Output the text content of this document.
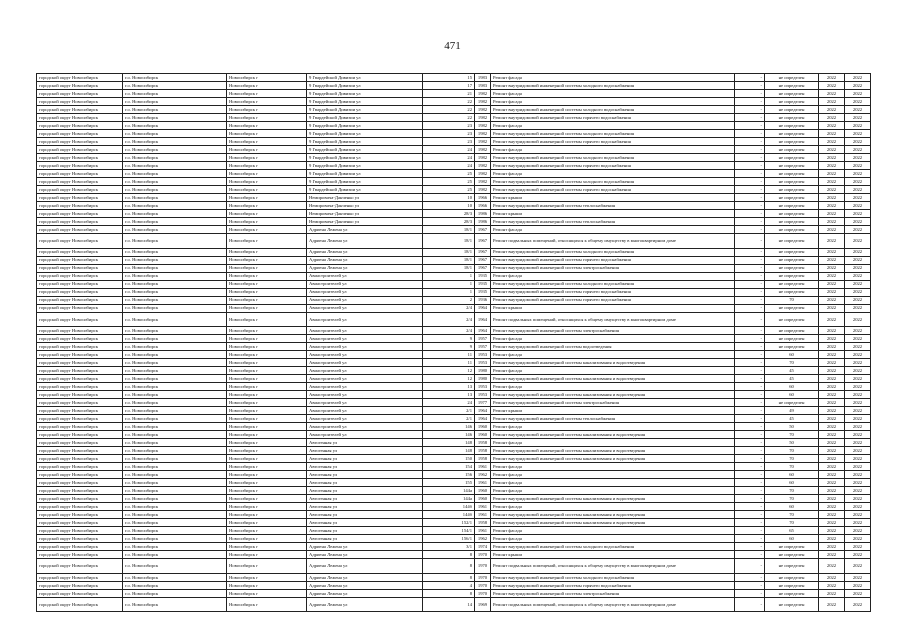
471
городской округ Новосибирск	г.о. Новосибирск	Новосибирск г	9 Гвардейской Дивизии ул	15	1983	Ремонт фасада	-	не определен	2022	2022
городской округ Новосибирск	г.о. Новосибирск	Новосибирск г	9 Гвардейской Дивизии ул	17	1983	Ремонт внутридомовой инженерной системы холодного водоснабжения	-	не определен	2022	2022
городской округ Новосибирск	г.о. Новосибирск	Новосибирск г	9 Гвардейской Дивизии ул	21	1982	Ремонт фасада	-	не определен	2022	2022
городской округ Новосибирск	г.о. Новосибирск	Новосибирск г	9 Гвардейской Дивизии ул	22	1982	Ремонт фасада	-	не определен	2022	2022
городской округ Новосибирск	г.о. Новосибирск	Новосибирск г	9 Гвардейской Дивизии ул	22	1982	Ремонт внутридомовой инженерной системы холодного водоснабжения	-	не определен	2022	2022
городской округ Новосибирск	г.о. Новосибирск	Новосибирск г	9 Гвардейской Дивизии ул	22	1982	Ремонт внутридомовой инженерной системы горячего водоснабжения	-	не определен	2022	2022
городской округ Новосибирск	г.о. Новосибирск	Новосибирск г	9 Гвардейской Дивизии ул	23	1982	Ремонт фасада	-	не определен	2022	2022
городской округ Новосибирск	г.о. Новосибирск	Новосибирск г	9 Гвардейской Дивизии ул	23	1982	Ремонт внутридомовой инженерной системы холодного водоснабжения	-	не определен	2022	2022
городской округ Новосибирск	г.о. Новосибирск	Новосибирск г	9 Гвардейской Дивизии ул	23	1982	Ремонт внутридомовой инженерной системы горячего водоснабжения	-	не определен	2022	2022
городской округ Новосибирск	г.о. Новосибирск	Новосибирск г	9 Гвардейской Дивизии ул	24	1982	Ремонт фасада	-	не определен	2022	2022
городской округ Новосибирск	г.о. Новосибирск	Новосибирск г	9 Гвардейской Дивизии ул	24	1982	Ремонт внутридомовой инженерной системы холодного водоснабжения	-	не определен	2022	2022
городской округ Новосибирск	г.о. Новосибирск	Новосибирск г	9 Гвардейской Дивизии ул	24	1982	Ремонт внутридомовой инженерной системы горячего водоснабжения	-	не определен	2022	2022
городской округ Новосибирск	г.о. Новосибирск	Новосибирск г	9 Гвардейской Дивизии ул	25	1982	Ремонт фасада	-	не определен	2022	2022
городской округ Новосибирск	г.о. Новосибирск	Новосибирск г	9 Гвардейской Дивизии ул	25	1982	Ремонт внутридомовой инженерной системы холодного водоснабжения	-	не определен	2022	2022
городской округ Новосибирск	г.о. Новосибирск	Новосибирск г	9 Гвардейской Дивизии ул	25	1982	Ремонт внутридомовой инженерной системы горячего водоснабжения	-	не определен	2022	2022
городской округ Новосибирск	г.о. Новосибирск	Новосибирск г	Немировича-Данченко ул	10	1966	Ремонт крыши	-	не определен	2022	2022
городской округ Новосибирск	г.о. Новосибирск	Новосибирск г	Немировича-Данченко ул	10	1966	Ремонт внутридомовой инженерной системы теплоснабжения	-	не определен	2022	2022
городской округ Новосибирск	г.о. Новосибирск	Новосибирск г	Немировича-Данченко ул	28/3	1986	Ремонт крыши	-	не определен	2022	2022
городской округ Новосибирск	г.о. Новосибирск	Новосибирск г	Немировича-Данченко ул	28/3	1986	Ремонт внутридомовой инженерной системы теплоснабжения	-	не определен	2022	2022
городской округ Новосибирск	г.о. Новосибирск	Новосибирск г	Адриена Лежена ул	18/1	1967	Ремонт фасада	-	не определен	2022	2022
городской округ Новосибирск	г.о. Новосибирск	Новосибирск г	Адриена Лежена ул	18/1	1967	Ремонт подвальных помещений, относящихся к общему имуществу в многоквартирном доме	-	не определен	2022	2022
городской округ Новосибирск	г.о. Новосибирск	Новосибирск г	Адриена Лежена ул	18/1	1967	Ремонт внутридомовой инженерной системы холодного водоснабжения	-	не определен	2022	2022
городской округ Новосибирск	г.о. Новосибирск	Новосибирск г	Адриена Лежена ул	18/1	1967	Ремонт внутридомовой инженерной системы горячего водоснабжения	-	не определен	2022	2022
городской округ Новосибирск	г.о. Новосибирск	Новосибирск г	Адриена Лежена ул	18/1	1967	Ремонт внутридомовой инженерной системы электроснабжения	-	не определен	2022	2022
городской округ Новосибирск	г.о. Новосибирск	Новосибирск г	Авиастроителей ул	1	1935	Ремонт фасада	-	не определен	2022	2022
городской округ Новосибирск	г.о. Новосибирск	Новосибирск г	Авиастроителей ул	1	1935	Ремонт внутридомовой инженерной системы холодного водоснабжения	-	не определен	2022	2022
городской округ Новосибирск	г.о. Новосибирск	Новосибирск г	Авиастроителей ул	1	1935	Ремонт внутридомовой инженерной системы горячего водоснабжения	-	не определен	2022	2022
городской округ Новосибирск	г.о. Новосибирск	Новосибирск г	Авиастроителей ул	2	1936	Ремонт внутридомовой инженерной системы горячего водоснабжения	-	70	2022	2022
городской округ Новосибирск	г.о. Новосибирск	Новосибирск г	Авиастроителей ул	2/4	1964	Ремонт крыши	-	не определен	2022	2022
городской округ Новосибирск	г.о. Новосибирск	Новосибирск г	Авиастроителей ул	2/4	1964	Ремонт подвальных помещений, относящихся к общему имуществу в многоквартирном доме	-	не определен	2022	2022
городской округ Новосибирск	г.о. Новосибирск	Новосибирск г	Авиастроителей ул	2/4	1964	Ремонт внутридомовой инженерной системы электроснабжения	-	не определен	2022	2022
городской округ Новосибирск	г.о. Новосибирск	Новосибирск г	Авиастроителей ул	9	1957	Ремонт фасада	-	не определен	2022	2022
городской округ Новосибирск	г.о. Новосибирск	Новосибирск г	Авиастроителей ул	9	1957	Ремонт внутридомовой инженерной системы водоотведения	-	не определен	2022	2022
городской округ Новосибирск	г.о. Новосибирск	Новосибирск г	Авиастроителей ул	11	1953	Ремонт фасада	-	60	2022	2022
городской округ Новосибирск	г.о. Новосибирск	Новосибирск г	Авиастроителей ул	11	1953	Ремонт внутридомовой инженерной системы канализования и водоотведения	-	70	2022	2022
городской округ Новосибирск	г.о. Новосибирск	Новосибирск г	Авиастроителей ул	12	1980	Ремонт фасада	-	45	2022	2022
городской округ Новосибирск	г.о. Новосибирск	Новосибирск г	Авиастроителей ул	12	1980	Ремонт внутридомовой инженерной системы канализования и водоотведения	-	45	2022	2022
городской округ Новосибирск	г.о. Новосибирск	Новосибирск г	Авиастроителей ул	13	1953	Ремонт фасада	-	60	2022	2022
городской округ Новосибирск	г.о. Новосибирск	Новосибирск г	Авиастроителей ул	13	1953	Ремонт внутридомовой инженерной системы канализования и водоотведения	-	60	2022	2022
городской округ Новосибирск	г.о. Новосибирск	Новосибирск г	Авиастроителей ул	24	1977	Ремонт внутридомовой инженерной системы электроснабжения	-	не определен	2022	2022
городской округ Новосибирск	г.о. Новосибирск	Новосибирск г	Авиастроителей ул	2/1	1964	Ремонт крыши	-	49	2022	2022
городской округ Новосибирск	г.о. Новосибирск	Новосибирск г	Авиастроителей ул	2/1	1964	Ремонт внутридомовой инженерной системы теплоснабжения	-	45	2022	2022
городской округ Новосибирск	г.о. Новосибирск	Новосибирск г	Авиастроителей ул	146	1960	Ремонт фасада	-	50	2022	2022
городской округ Новосибирск	г.о. Новосибирск	Новосибирск г	Авиастроителей ул	146	1960	Ремонт внутридомовой инженерной системы канализования и водоотведения	-	70	2022	2022
городской округ Новосибирск	г.о. Новосибирск	Новосибирск г	Автогенная ул	148	1958	Ремонт фасада	-	50	2022	2022
городской округ Новосибирск	г.о. Новосибирск	Новосибирск г	Автогенная ул	148	1958	Ремонт внутридомовой инженерной системы канализования и водоотведения	-	70	2022	2022
городской округ Новосибирск	г.о. Новосибирск	Новосибирск г	Автогенная ул	150	1958	Ремонт внутридомовой инженерной системы канализования и водоотведения	-	70	2022	2022
городской округ Новосибирск	г.о. Новосибирск	Новосибирск г	Автогенная ул	154	1961	Ремонт фасада	-	70	2022	2022
городской округ Новосибирск	г.о. Новосибирск	Новосибирск г	Автогенная ул	156	1962	Ремонт фасада	-	60	2022	2022
городской округ Новосибирск	г.о. Новосибирск	Новосибирск г	Автогенная ул	155	1961	Ремонт фасада	-	60	2022	2022
городской округ Новосибирск	г.о. Новосибирск	Новосибирск г	Автогенная ул	144а	1960	Ремонт фасада	-	70	2022	2022
городской округ Новосибирск	г.о. Новосибирск	Новосибирск г	Автогенная ул	144а	1960	Ремонт внутридомовой инженерной системы канализования и водоотведения	-	70	2022	2022
городской округ Новосибирск	г.о. Новосибирск	Новосибирск г	Автогенная ул	144б	1961	Ремонт фасада	-	60	2022	2022
городской округ Новосибирск	г.о. Новосибирск	Новосибирск г	Автогенная ул	144б	1961	Ремонт внутридомовой инженерной системы канализования и водоотведения	-	70	2022	2022
городской округ Новосибирск	г.о. Новосибирск	Новосибирск г	Автогенная ул	152/1	1958	Ремонт внутридомовой инженерной системы канализования и водоотведения	-	70	2022	2022
городской округ Новосибирск	г.о. Новосибирск	Новосибирск г	Автогенная ул	154/1	1961	Ремонт фасада	-	65	2022	2022
городской округ Новосибирск	г.о. Новосибирск	Новосибирск г	Автогенная ул	156/1	1962	Ремонт фасада	-	60	2022	2022
городской округ Новосибирск	г.о. Новосибирск	Новосибирск г	Адриена Лежена ул	3/1	1974	Ремонт внутридомовой инженерной системы холодного водоснабжения	-	не определен	2022	2022
городской округ Новосибирск	г.о. Новосибирск	Новосибирск г	Адриена Лежена ул	8	1970	Ремонт крыши	-	не определен	2022	2022
городской округ Новосибирск	г.о. Новосибирск	Новосибирск г	Адриена Лежена ул	8	1970	Ремонт подвальных помещений, относящихся к общему имуществу в многоквартирном доме	-	не определен	2022	2022
городской округ Новосибирск	г.о. Новосибирск	Новосибирск г	Адриена Лежена ул	8	1970	Ремонт внутридомовой инженерной системы холодного водоснабжения	-	не определен	2022	2022
городской округ Новосибирск	г.о. Новосибирск	Новосибирск г	Адриена Лежена ул	4	1970	Ремонт внутридомовой инженерной системы горячего водоснабжения	-	не определен	2022	2022
городской округ Новосибирск	г.о. Новосибирск	Новосибирск г	Адриена Лежена ул	8	1970	Ремонт внутридомовой инженерной системы электроснабжения	-	не определен	2022	2022
городской округ Новосибирск	г.о. Новосибирск	Новосибирск г	Адриена Лежена ул	14	1969	Ремонт подвальных помещений, относящихся к общему имуществу в многоквартирном доме	-	не определен	2022	2022
